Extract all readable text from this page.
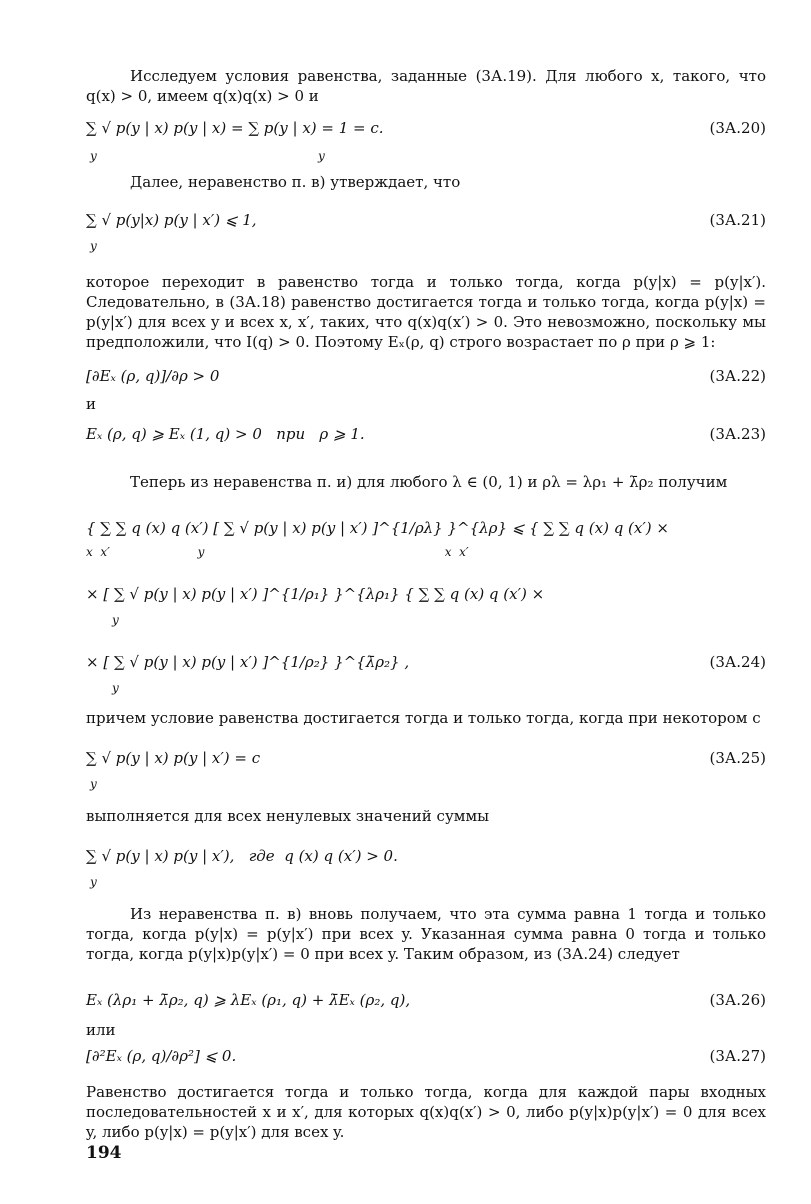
Исследуем условия равенства, заданные (3А.19). Для любого x, такого, что q(x) > 0, имеем q(x)q(x) > 0 и
∑ √ p(y | x) p(y | x) = ∑ p(y | x) = 1 = c.	(3А.20)
y	y
Далее, неравенство п. в) утверждает, что
∑ √ p(y|x) p(y | x′) ⩽ 1,	(3А.21)
y
которое переходит в равенство тогда и только тогда, когда p(y|x) = p(y|x′). Следовательно, в (3А.18) равенство достигается тогда и только тогда, когда p(y|x) = p(y|x′) для всех y и всех x, x′, таких, что q(x)q(x′) > 0. Это невозможно, поскольку мы предположили, что I(q) > 0. Поэтому Eₓ(ρ, q) строго возрастает по ρ при ρ ⩾ 1:
[∂Eₓ (ρ, q)]/∂ρ > 0	(3А.22)
и
Eₓ (ρ, q) ⩾ Eₓ (1, q) > 0   при   ρ ⩾ 1.	(3А.23)
Теперь из неравенства п. и) для любого λ ∈ (0, 1) и ρλ = λρ₁ + λ̄ρ₂ получим
{ ∑ ∑ q (x) q (x′) [ ∑ √ p(y | x) p(y | x′) ]^{1/ρλ} }^{λρ} ⩽ { ∑ ∑ q (x) q (x′) ×
x  x′                       y                                                               x  x′
× [ ∑ √ p(y | x) p(y | x′) ]^{1/ρ₁} }^{λρ₁} { ∑ ∑ q (x) q (x′) ×
y
× [ ∑ √ p(y | x) p(y | x′) ]^{1/ρ₂} }^{λ̄ρ₂} ,	(3А.24)
y
причем условие равенства достигается тогда и только тогда, когда при некотором c
∑ √ p(y | x) p(y | x′) = c	(3А.25)
y
выполняется для всех ненулевых значений суммы
∑ √ p(y | x) p(y | x′),   где  q (x) q (x′) > 0.
y
Из неравенства п. в) вновь получаем, что эта сумма равна 1 тогда и только тогда, когда p(y|x) = p(y|x′) при всех y. Указанная сумма равна 0 тогда и только тогда, когда p(y|x)p(y|x′) = 0 при всех y. Таким образом, из (3А.24) следует
Eₓ (λρ₁ + λ̄ρ₂, q) ⩾ λEₓ (ρ₁, q) + λ̄Eₓ (ρ₂, q),	(3А.26)
или
[∂²Eₓ (ρ, q)/∂ρ²] ⩽ 0.	(3А.27)
Равенство достигается тогда и только тогда, когда для каждой пары входных последовательностей x и x′, для которых q(x)q(x′) > 0, либо p(y|x)p(y|x′) = 0 для всех y, либо p(y|x) = p(y|x′) для всех y.
194
